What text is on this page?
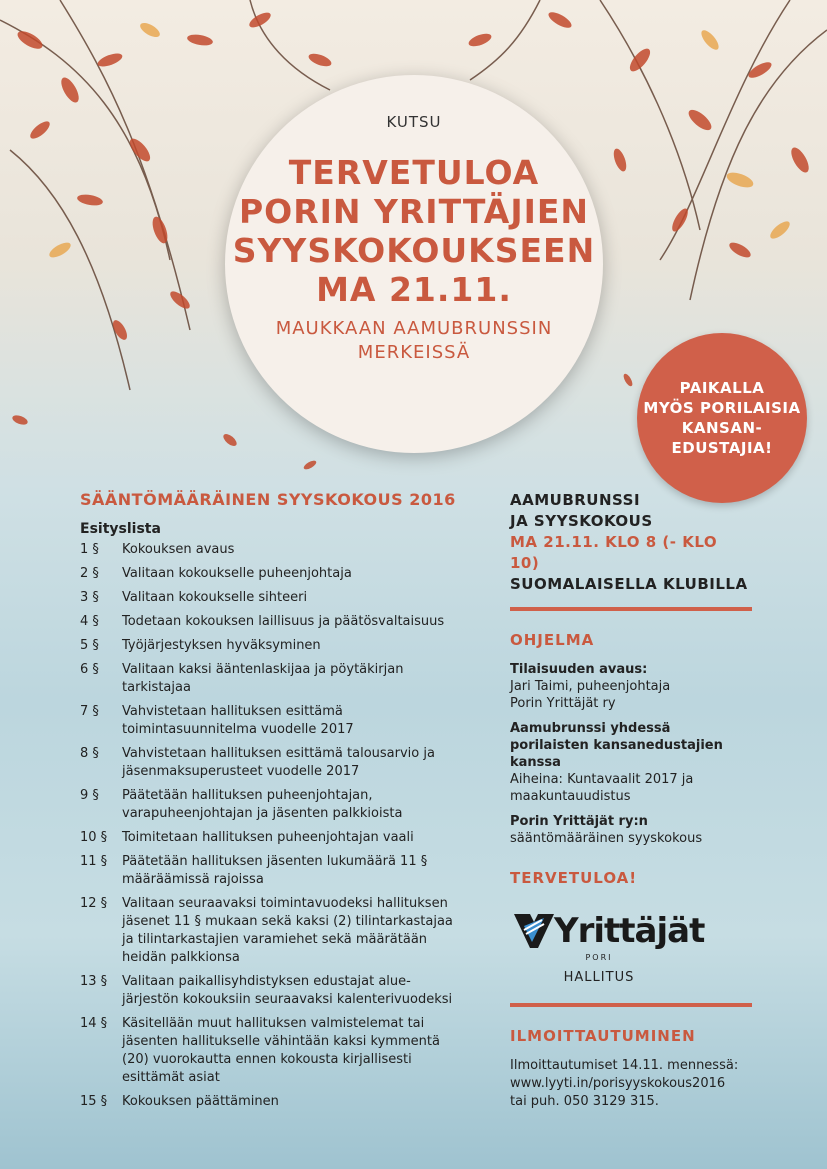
KUTSU
TERVETULOA
PORIN YRITTÄJIEN
SYYSKOKOUKSEEN
MA 21.11.
MAUKKAAN AAMUBRUNSSIN
MERKEISSÄ
PAIKALLA
MYÖS PORILAISIA
KANSAN-
EDUSTAJIA!
SÄÄNTÖMÄÄRÄINEN SYYSKOKOUS 2016
Esityslista
1 §	Kokouksen avaus
2 §	Valitaan kokoukselle puheenjohtaja
3 §	Valitaan kokoukselle sihteeri
4 §	Todetaan kokouksen laillisuus ja päätösvaltaisuus
5 §	Työjärjestyksen hyväksyminen
6 §	Valitaan kaksi ääntenlaskijaa ja pöytäkirjan tarkistajaa
7 §	Vahvistetaan hallituksen esittämä toimintasuunnitelma vuodelle 2017
8 §	Vahvistetaan hallituksen esittämä talousarvio ja jäsenmaksuperusteet vuodelle 2017
9 §	Päätetään hallituksen puheenjohtajan, varapuheenjohtajan ja jäsenten palkkioista
10 §	Toimitetaan hallituksen puheenjohtajan vaali
11 §	Päätetään hallituksen jäsenten lukumäärä 11 § määräämissä rajoissa
12 §	Valitaan seuraavaksi toimintavuodeksi hallituksen jäsenet 11 § mukaan sekä kaksi (2) tilintarkastajaa ja tilintarkastajien varamiehet sekä määrätään heidän palkkionsa
13 §	Valitaan paikallisyhdistyksen edustajat alue-järjestön kokouksiin seuraavaksi kalenterivuodeksi
14 §	Käsitellään muut hallituksen valmistelemat tai jäsenten hallitukselle vähintään kaksi kymmentä (20) vuorokautta ennen kokousta kirjallisesti esittämät asiat
15 §	Kokouksen päättäminen
AAMUBRUNSSI
JA SYYSKOKOUS
MA 21.11. KLO 8 (- KLO 10)
SUOMALAISELLA KLUBILLA
OHJELMA
Tilaisuuden avaus:
Jari Taimi, puheenjohtaja
Porin Yrittäjät ry
Aamubrunssi yhdessä porilaisten kansanedustajien kanssa
Aiheina: Kuntavaalit 2017 ja maakuntauudistus
Porin Yrittäjät ry:n
sääntömääräinen syyskokous
TERVETULOA!
Yrittäjät
PORI
HALLITUS
ILMOITTAUTUMINEN
Ilmoittautumiset 14.11. mennessä:
www.lyyti.in/porisyyskokous2016
tai puh. 050 3129 315.
